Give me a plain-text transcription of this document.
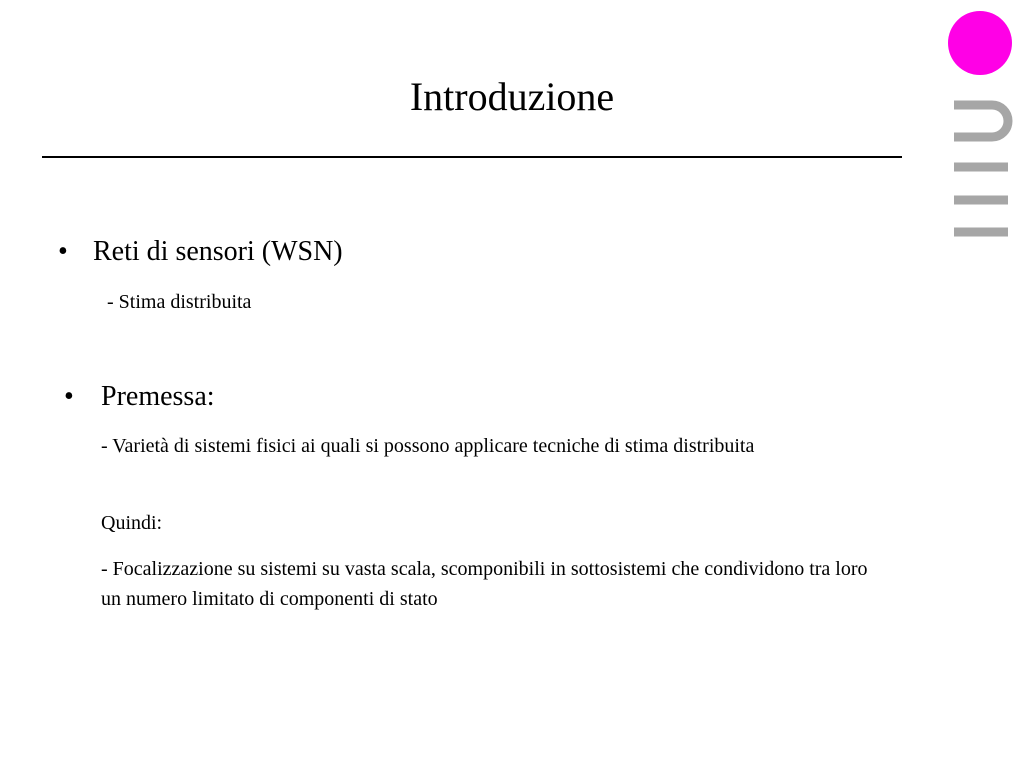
Introduzione
• Reti di sensori (WSN)
- Stima distribuita
• Premessa:
- Varietà di sistemi fisici ai quali si possono applicare tecniche di stima distribuita
Quindi:
- Focalizzazione su sistemi su vasta scala, scomponibili in sottosistemi che condividono tra loro un numero limitato di componenti di stato
